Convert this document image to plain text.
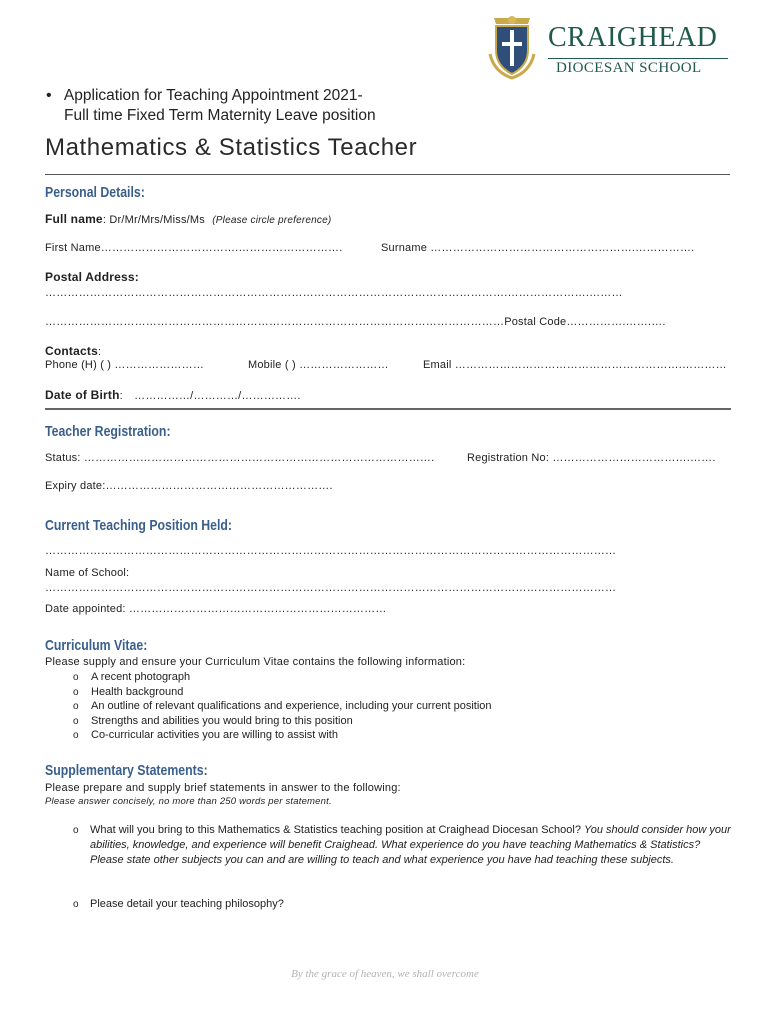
CRAIGHEAD
DIOCESAN SCHOOL
• Application for Teaching Appointment 2021-
Full time Fixed Term Maternity Leave position
Mathematics & Statistics Teacher
Personal Details:
Full name: Dr/Mr/Mrs/Miss/Ms (Please circle preference)
First Name……………………………….……………………….	Surname ……………………………………………….…………….
Postal Address:
…………………………………………………………………………………………………………….………………….………
……………………………………………………………………………………………………………Postal Code…………….…….….
Contacts:
Phone (H) ( ) ……………………	Mobile ( ) ……………………	Email …………………………………………………….…………
Date of Birth: ……………/…………/…………….
Teacher Registration:
Status: ………………………………………………………………………………….	Registration No: ……………………………….…….
Expiry date:…………………………………………………….
Current Teaching Position Held:
………………………………………………………………………………………………………………………………………
Name of School:
………………………………………………………………………………………………………………………………………
Date appointed: ……………………………………………………………
Curriculum Vitae:
Please supply and ensure your Curriculum Vitae contains the following information:
o A recent photograph
o Health background
o An outline of relevant qualifications and experience, including your current position
o Strengths and abilities you would bring to this position
o Co-curricular activities you are willing to assist with
Supplementary Statements:
Please prepare and supply brief statements in answer to the following:
Please answer concisely, no more than 250 words per statement.
o	What will you bring to this Mathematics & Statistics teaching position at Craighead Diocesan School? You should consider how your abilities, knowledge, and experience will benefit Craighead. What experience do you have teaching Mathematics & Statistics? Please state other subjects you can and are willing to teach and what experience you have had teaching these subjects.
o	Please detail your teaching philosophy?
By the grace of heaven, we shall overcome
